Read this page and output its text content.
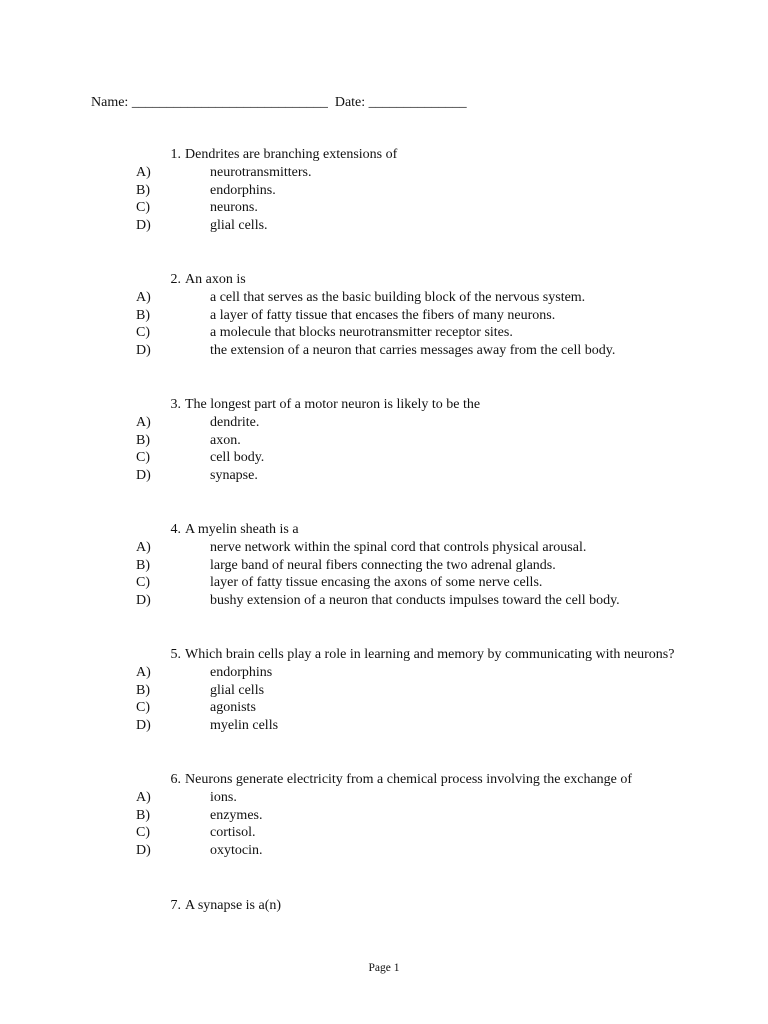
Name: ____________________________ Date: ______________
1. Dendrites are branching extensions of
A)	neurotransmitters.
B)	endorphins.
C)	neurons.
D)	glial cells.
2. An axon is
A)	a cell that serves as the basic building block of the nervous system.
B)	a layer of fatty tissue that encases the fibers of many neurons.
C)	a molecule that blocks neurotransmitter receptor sites.
D)	the extension of a neuron that carries messages away from the cell body.
3. The longest part of a motor neuron is likely to be the
A)	dendrite.
B)	axon.
C)	cell body.
D)	synapse.
4. A myelin sheath is a
A)	nerve network within the spinal cord that controls physical arousal.
B)	large band of neural fibers connecting the two adrenal glands.
C)	layer of fatty tissue encasing the axons of some nerve cells.
D)	bushy extension of a neuron that conducts impulses toward the cell body.
5. Which brain cells play a role in learning and memory by communicating with neurons?
A)	endorphins
B)	glial cells
C)	agonists
D)	myelin cells
6. Neurons generate electricity from a chemical process involving the exchange of
A)	ions.
B)	enzymes.
C)	cortisol.
D)	oxytocin.
7. A synapse is a(n)
Page 1
